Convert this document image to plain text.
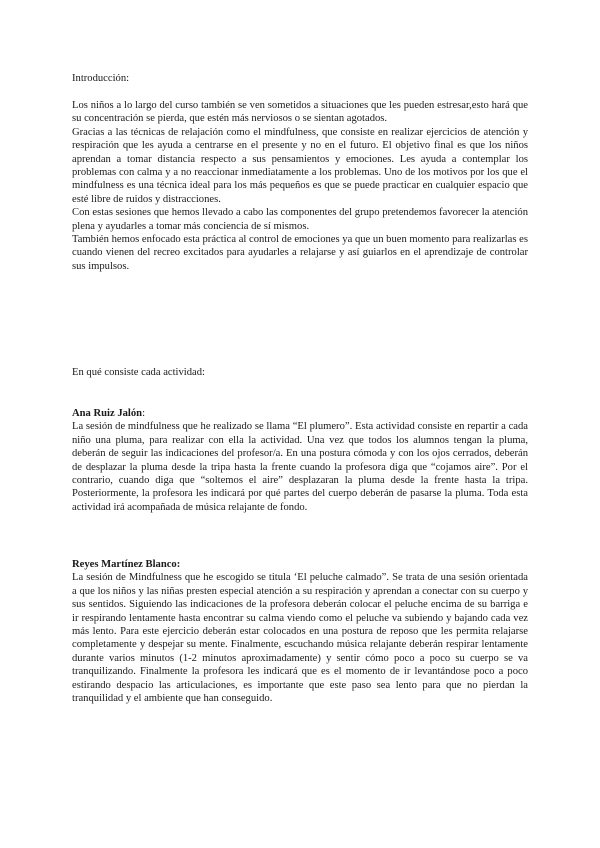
Introducción:

Los niños a lo largo del curso también se ven sometidos a situaciones que les pueden estresar,esto hará que su concentración se pierda, que estén más nerviosos o se sientan agotados.

Gracias a las técnicas de relajación como el mindfulness, que consiste en realizar ejercicios de atención y respiración que les ayuda a centrarse en el presente y no en el futuro. El objetivo final es que los niños aprendan a tomar distancia respecto a sus pensamientos y emociones. Les ayuda a contemplar los problemas con calma y a no reaccionar inmediatamente a los problemas. Uno de los motivos por los que el mindfulness es una técnica ideal para los más pequeños es que se puede practicar en cualquier espacio que esté libre de ruidos y distracciones.

Con estas sesiones que hemos llevado a cabo las componentes del grupo pretendemos favorecer la atención plena y ayudarles a tomar más conciencia de sí mismos.

También hemos enfocado esta práctica al control de emociones ya que un buen momento para realizarlas es cuando vienen del recreo excitados para ayudarles a relajarse y así guiarlos en el aprendizaje de controlar sus impulsos.

En qué consiste cada actividad:

Ana Ruiz Jalón:

La sesión de mindfulness que he realizado se llama “El plumero”. Esta actividad consiste en repartir a cada niño una pluma, para realizar con ella la actividad. Una vez que todos los alumnos tengan la pluma, deberán de seguir las indicaciones del profesor/a. En una postura cómoda y con los ojos cerrados, deberán de desplazar la pluma desde la tripa hasta la frente cuando la profesora diga que “cojamos aire”. Por el contrario, cuando diga que “soltemos el aire” desplazaran la pluma desde la frente hasta la tripa. Posteriormente, la profesora les indicará por qué partes del cuerpo deberán de pasarse la pluma. Toda esta actividad irá acompañada de música relajante de fondo.

Reyes Martínez Blanco:

La sesión de Mindfulness que he escogido se titula ‘El peluche calmado”. Se trata de una sesión orientada a que los niños y las niñas presten especial atención a su respiración y aprendan a conectar con su cuerpo y sus sentidos. Siguiendo las indicaciones de la profesora deberán colocar el peluche encima de su barriga e ir respirando lentamente hasta encontrar su calma viendo como el peluche va subiendo y bajando cada vez más lento. Para este ejercicio deberán estar colocados en una postura de reposo que les permita relajarse completamente y despejar su mente. Finalmente, escuchando música relajante deberán respirar lentamente durante varios minutos (1-2 minutos aproximadamente) y sentir cómo poco a poco su cuerpo se va tranquilizando. Finalmente la profesora les indicará que es el momento de ir levantándose poco a poco estirando despacio las articulaciones, es importante que este paso sea lento para que no pierdan la tranquilidad y el ambiente que han conseguido.
